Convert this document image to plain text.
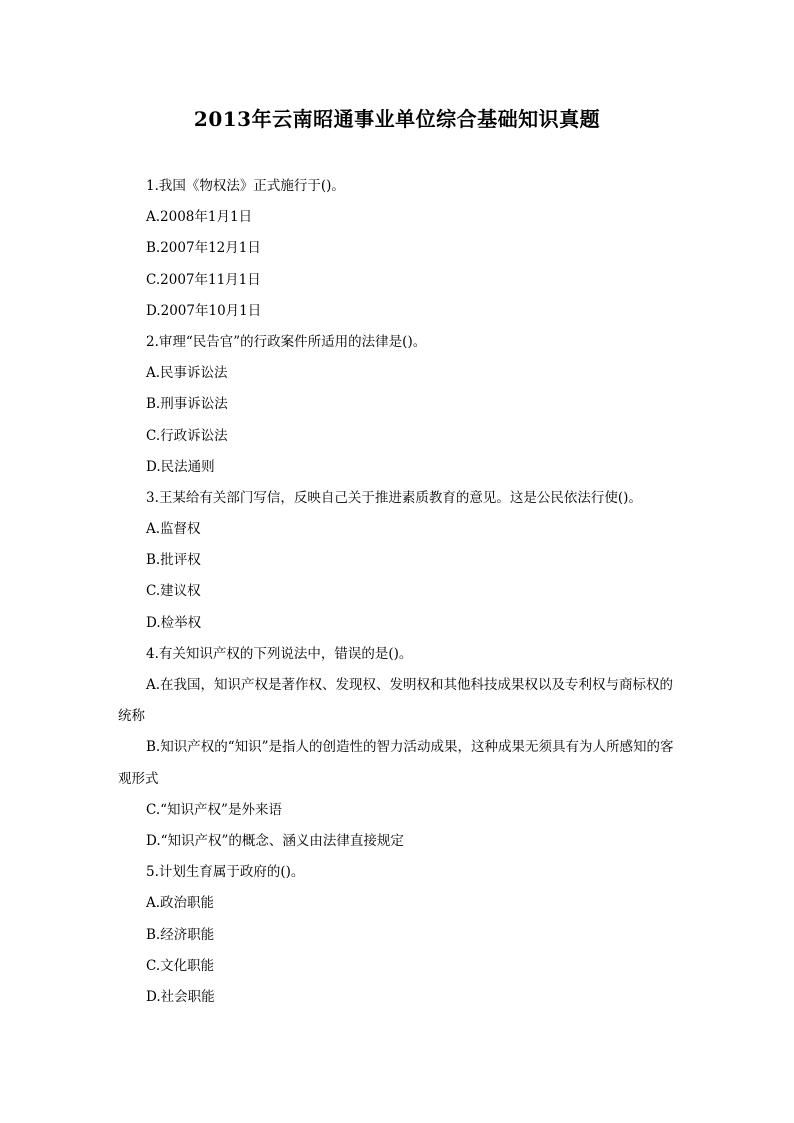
2013年云南昭通事业单位综合基础知识真题
1.我国《物权法》正式施行于()。
A.2008年1月1日
B.2007年12月1日
C.2007年11月1日
D.2007年10月1日
2.审理“民告官”的行政案件所适用的法律是()。
A.民事诉讼法
B.刑事诉讼法
C.行政诉讼法
D.民法通则
3.王某给有关部门写信，反映自己关于推进素质教育的意见。这是公民依法行使()。
A.监督权
B.批评权
C.建议权
D.检举权
4.有关知识产权的下列说法中，错误的是()。
A.在我国，知识产权是著作权、发现权、发明权和其他科技成果权以及专利权与商标权的统称
B.知识产权的“知识”是指人的创造性的智力活动成果，这种成果无须具有为人所感知的客观形式
C.“知识产权”是外来语
D.“知识产权”的概念、涵义由法律直接规定
5.计划生育属于政府的()。
A.政治职能
B.经济职能
C.文化职能
D.社会职能
